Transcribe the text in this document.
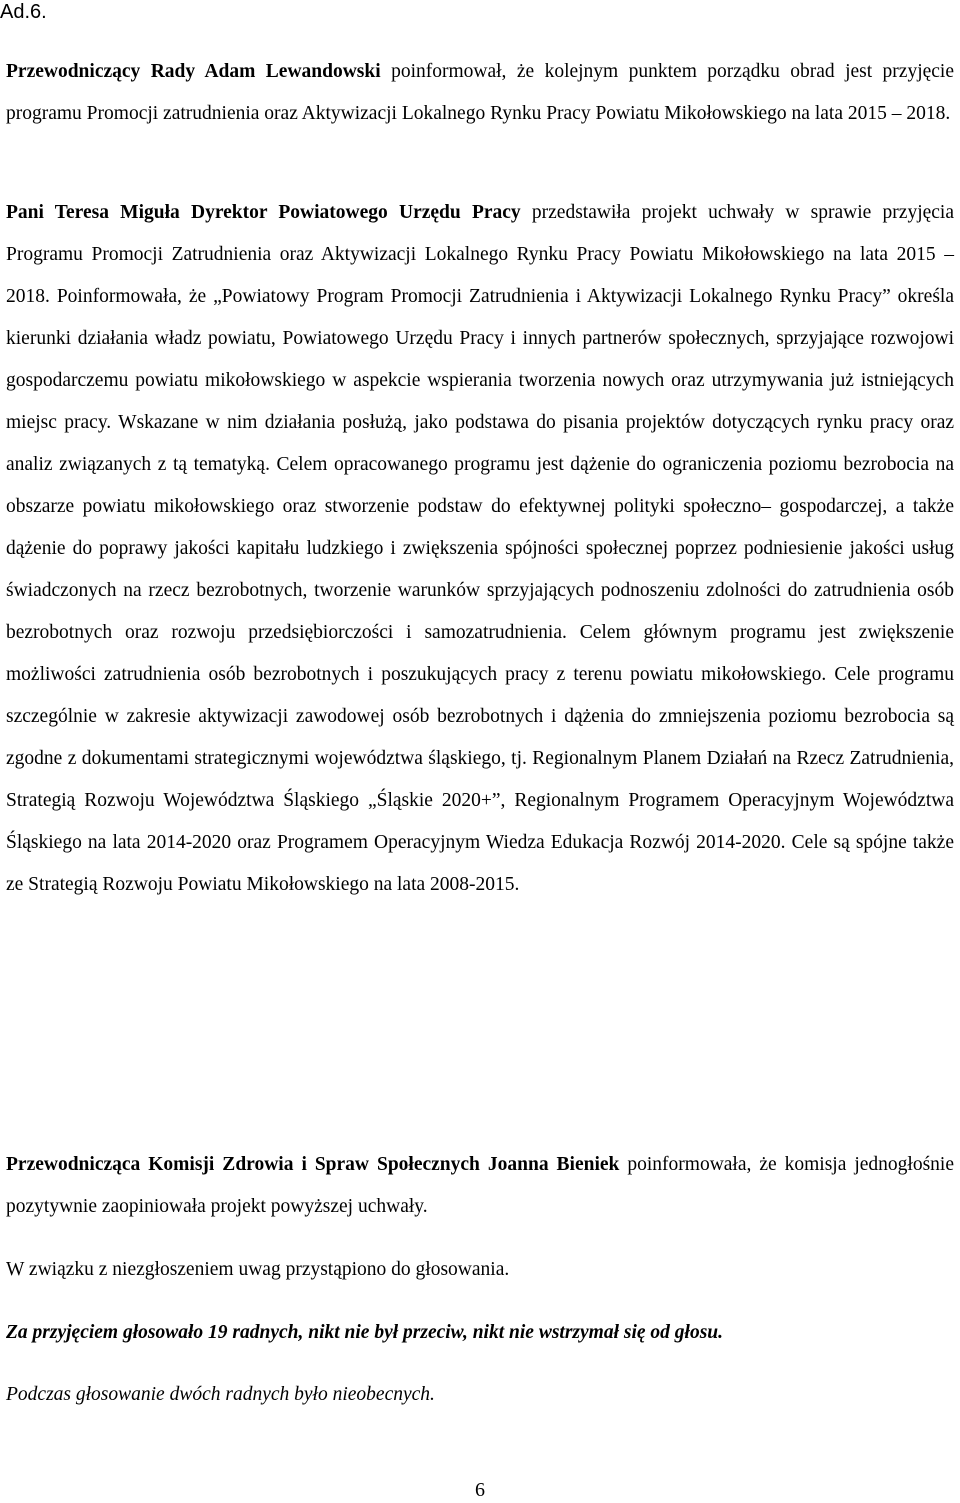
Ad.6.

Przewodniczący Rady Adam Lewandowski poinformował, że kolejnym punktem porządku obrad jest przyjęcie programu Promocji zatrudnienia oraz Aktywizacji Lokalnego Rynku Pracy Powiatu Mikołowskiego na lata 2015 – 2018.

Pani Teresa Miguła Dyrektor Powiatowego Urzędu Pracy przedstawiła projekt uchwały w sprawie przyjęcia Programu Promocji Zatrudnienia oraz Aktywizacji Lokalnego Rynku Pracy Powiatu Mikołowskiego na lata 2015 – 2018. Poinformowała, że „Powiatowy Program Promocji Zatrudnienia i Aktywizacji Lokalnego Rynku Pracy” określa kierunki działania władz powiatu, Powiatowego Urzędu Pracy i innych partnerów społecznych, sprzyjające rozwojowi gospodarczemu powiatu mikołowskiego w aspekcie wspierania tworzenia nowych oraz utrzymywania już istniejących miejsc pracy. Wskazane w nim działania posłużą, jako podstawa do pisania projektów dotyczących rynku pracy oraz analiz związanych z tą tematyką. Celem opracowanego programu jest dążenie do ograniczenia poziomu bezrobocia na obszarze powiatu mikołowskiego oraz stworzenie podstaw do efektywnej polityki społeczno– gospodarczej, a także dążenie do poprawy jakości kapitału ludzkiego i zwiększenia spójności społecznej poprzez podniesienie jakości usług świadczonych na rzecz bezrobotnych, tworzenie warunków sprzyjających podnoszeniu zdolności do zatrudnienia osób bezrobotnych oraz rozwoju przedsiębiorczości i samozatrudnienia. Celem głównym programu jest zwiększenie możliwości zatrudnienia osób bezrobotnych i poszukujących pracy z terenu powiatu mikołowskiego. Cele programu szczególnie w zakresie aktywizacji zawodowej osób bezrobotnych i dążenia do zmniejszenia poziomu bezrobocia są zgodne z dokumentami strategicznymi województwa śląskiego, tj. Regionalnym Planem Działań na Rzecz Zatrudnienia, Strategią Rozwoju Województwa Śląskiego „Śląskie 2020+”, Regionalnym Programem Operacyjnym Województwa Śląskiego na lata 2014-2020 oraz Programem Operacyjnym Wiedza Edukacja Rozwój 2014-2020. Cele są spójne także ze Strategią Rozwoju Powiatu Mikołowskiego na lata 2008-2015.

Przewodnicząca Komisji Zdrowia i Spraw Społecznych Joanna Bieniek poinformowała, że komisja jednogłośnie pozytywnie zaopiniowała projekt powyższej uchwały.

W związku z niezgłoszeniem uwag przystąpiono do głosowania.

Za przyjęciem głosowało 19 radnych, nikt nie był przeciw, nikt nie wstrzymał się od głosu.

Podczas głosowanie dwóch radnych było nieobecnych.

6
